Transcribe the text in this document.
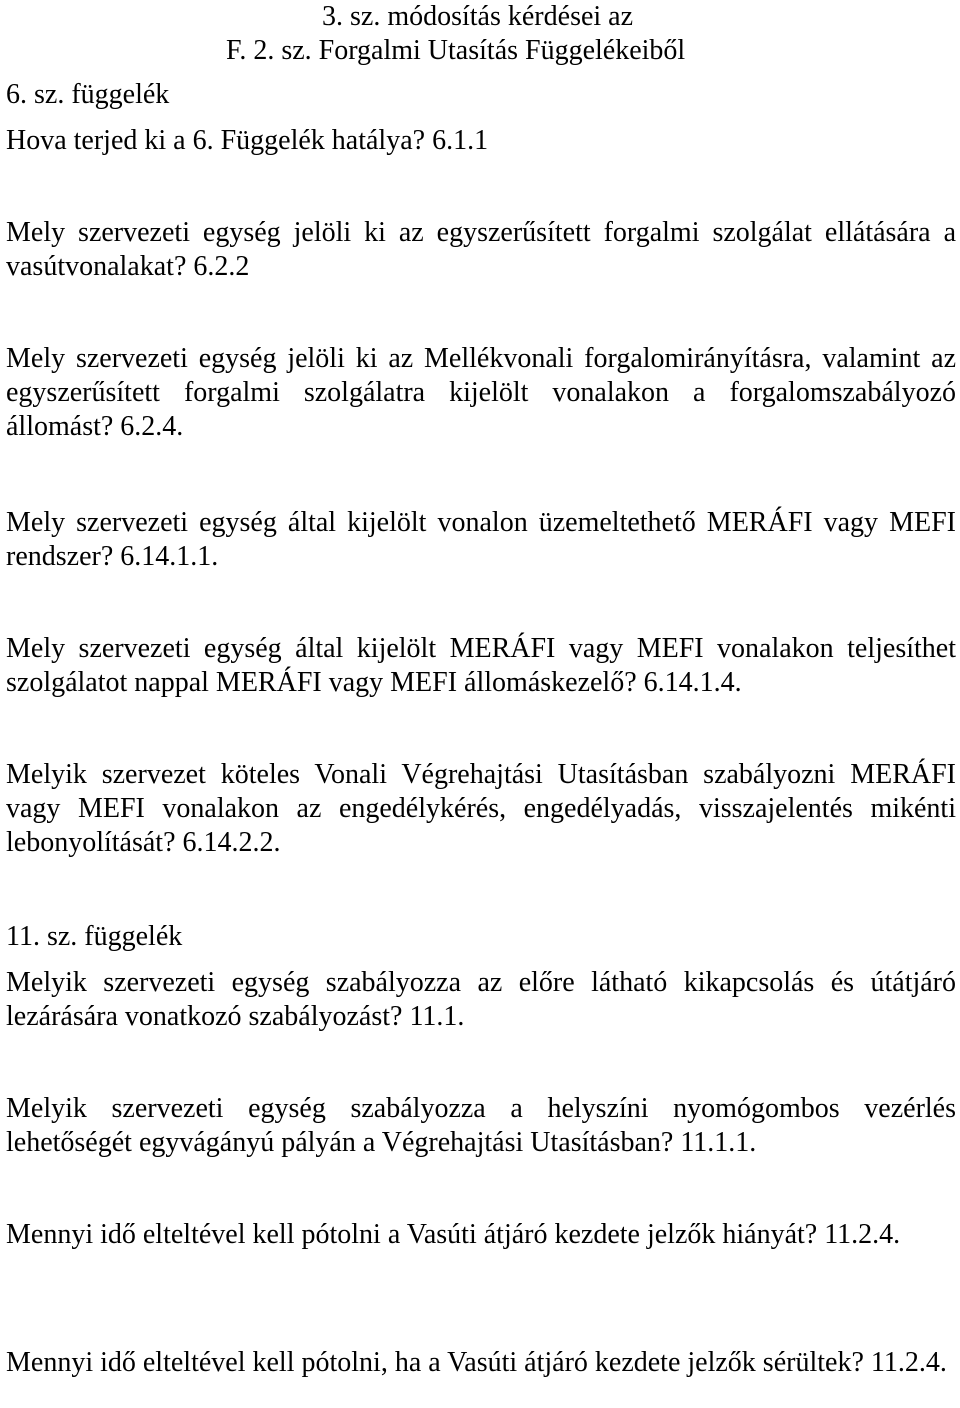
3. sz. módosítás kérdései az
F. 2. sz. Forgalmi Utasítás Függelékeiből
6. sz. függelék
Hova terjed ki a 6. Függelék hatálya? 6.1.1
Mely szervezeti egység jelöli ki az egyszerűsített forgalmi szolgálat ellátására a vasútvonalakat? 6.2.2
Mely szervezeti egység jelöli ki az Mellékvonali forgalomirányításra, valamint az egyszerűsített forgalmi szolgálatra kijelölt vonalakon a forgalomszabályozó állomást? 6.2.4.
Mely szervezeti egység által kijelölt vonalon üzemeltethető MERÁFI vagy MEFI rendszer? 6.14.1.1.
Mely szervezeti egység által kijelölt MERÁFI vagy MEFI vonalakon teljesíthet szolgálatot nappal MERÁFI vagy MEFI állomáskezelő? 6.14.1.4.
Melyik szervezet köteles Vonali Végrehajtási Utasításban szabályozni MERÁFI vagy MEFI vonalakon az engedélykérés, engedélyadás, visszajelentés mikénti lebonyolítását? 6.14.2.2.
11. sz. függelék
Melyik szervezeti egység szabályozza az előre látható kikapcsolás és útátjáró lezárására vonatkozó szabályozást? 11.1.
Melyik szervezeti egység szabályozza a helyszíni nyomógombos vezérlés lehetőségét egyvágányú pályán a Végrehajtási Utasításban? 11.1.1.
Mennyi idő elteltével kell pótolni a Vasúti átjáró kezdete jelzők hiányát? 11.2.4.
Mennyi idő elteltével kell pótolni, ha a Vasúti átjáró kezdete jelzők sérültek? 11.2.4.
